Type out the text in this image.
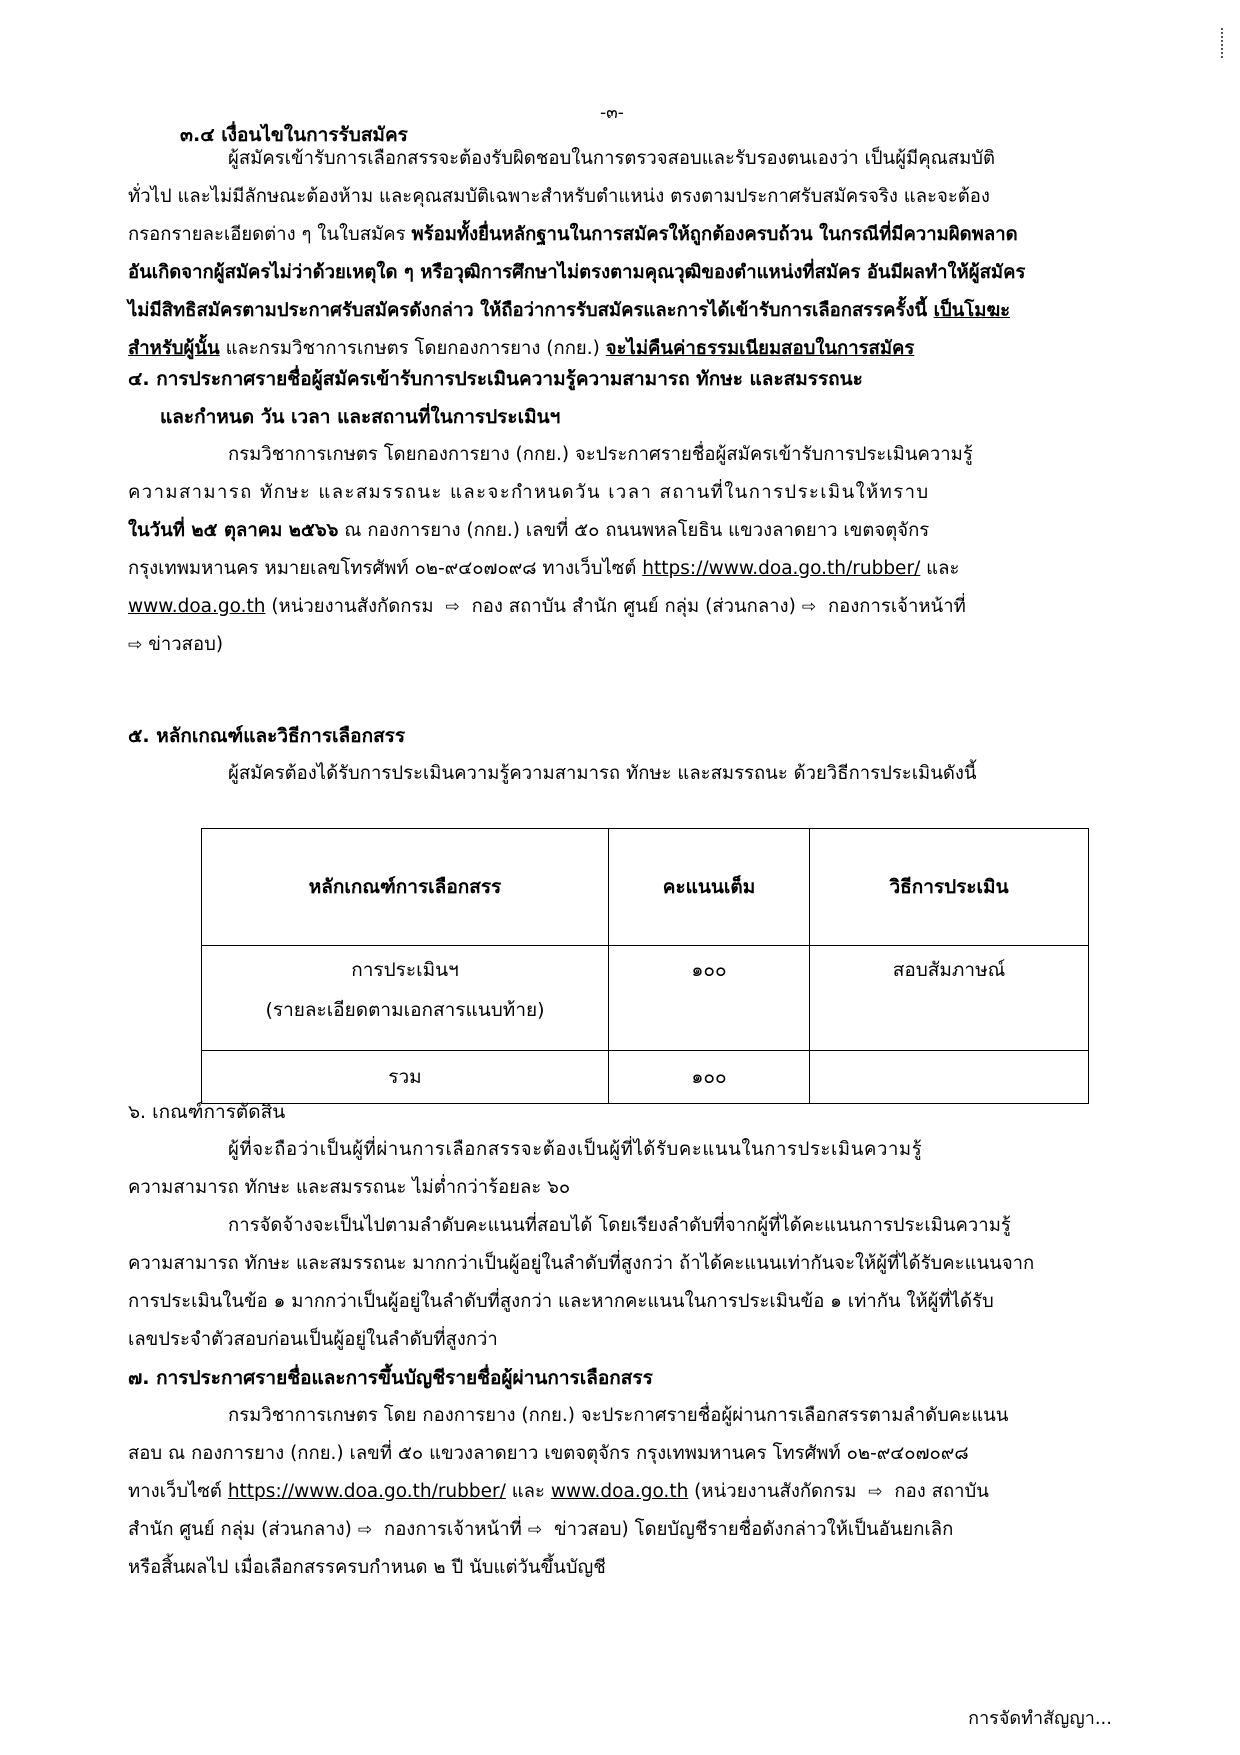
-๓-
๓.๔ เงื่อนไขในการรับสมัคร
ผู้สมัครเข้ารับการเลือกสรรจะต้องรับผิดชอบในการตรวจสอบและรับรองตนเองว่า เป็นผู้มีคุณสมบัติ
ทั่วไป และไม่มีลักษณะต้องห้าม และคุณสมบัติเฉพาะสำหรับตำแหน่ง ตรงตามประกาศรับสมัครจริง และจะต้อง
กรอกรายละเอียดต่าง ๆ ในใบสมัคร พร้อมทั้งยื่นหลักฐานในการสมัครให้ถูกต้องครบถ้วน ในกรณีที่มีความผิดพลาด
อันเกิดจากผู้สมัครไม่ว่าด้วยเหตุใด ๆ หรือวุฒิการศึกษาไม่ตรงตามคุณวุฒิของตำแหน่งที่สมัคร อันมีผลทำให้ผู้สมัคร
ไม่มีสิทธิสมัครตามประกาศรับสมัครดังกล่าว ให้ถือว่าการรับสมัครและการได้เข้ารับการเลือกสรรครั้งนี้ เป็นโมฆะ
สำหรับผู้นั้น และกรมวิชาการเกษตร โดยกองการยาง (กกย.) จะไม่คืนค่าธรรมเนียมสอบในการสมัคร
๔. การประกาศรายชื่อผู้สมัครเข้ารับการประเมินความรู้ความสามารถ ทักษะ และสมรรถนะ
และกำหนด วัน เวลา และสถานที่ในการประเมินฯ
กรมวิชาการเกษตร โดยกองการยาง (กกย.) จะประกาศรายชื่อผู้สมัครเข้ารับการประเมินความรู้
ความสามารถ ทักษะ และสมรรถนะ และจะกำหนดวัน เวลา สถานที่ในการประเมินให้ทราบ
ในวันที่ ๒๕ ตุลาคม ๒๕๖๖ ณ กองการยาง (กกย.) เลขที่ ๕๐ ถนนพหลโยธิน แขวงลาดยาว เขตจตุจักร
กรุงเทพมหานคร หมายเลขโทรศัพท์ ๐๒-๙๔๐๗๐๙๘ ทางเว็บไซต์ https://www.doa.go.th/rubber/ และ
www.doa.go.th (หน่วยงานสังกัดกรม ⇨ กอง สถาบัน สำนัก ศูนย์ กลุ่ม (ส่วนกลาง) ⇨ กองการเจ้าหน้าที่
⇨ ข่าวสอบ)
๕. หลักเกณฑ์และวิธีการเลือกสรร
ผู้สมัครต้องได้รับการประเมินความรู้ความสามารถ ทักษะ และสมรรถนะ ด้วยวิธีการประเมินดังนี้
หลักเกณฑ์การเลือกสรร	คะแนนเต็ม	วิธีการประเมิน

การประเมินฯ
(รายละเอียดตามเอกสารแนบท้าย)	๑๐๐	สอบสัมภาษณ์
รวม	๑๐๐	
๖. เกณฑ์การตัดสิน
ผู้ที่จะถือว่าเป็นผู้ที่ผ่านการเลือกสรรจะต้องเป็นผู้ที่ได้รับคะแนนในการประเมินความรู้
ความสามารถ ทักษะ และสมรรถนะ ไม่ต่ำกว่าร้อยละ ๖๐
การจัดจ้างจะเป็นไปตามลำดับคะแนนที่สอบได้ โดยเรียงลำดับที่จากผู้ที่ได้คะแนนการประเมินความรู้
ความสามารถ ทักษะ และสมรรถนะ มากกว่าเป็นผู้อยู่ในลำดับที่สูงกว่า ถ้าได้คะแนนเท่ากันจะให้ผู้ที่ได้รับคะแนนจาก
การประเมินในข้อ ๑ มากกว่าเป็นผู้อยู่ในลำดับที่สูงกว่า และหากคะแนนในการประเมินข้อ ๑ เท่ากัน ให้ผู้ที่ได้รับ
เลขประจำตัวสอบก่อนเป็นผู้อยู่ในลำดับที่สูงกว่า
๗. การประกาศรายชื่อและการขึ้นบัญชีรายชื่อผู้ผ่านการเลือกสรร
กรมวิชาการเกษตร โดย กองการยาง (กกย.) จะประกาศรายชื่อผู้ผ่านการเลือกสรรตามลำดับคะแนน
สอบ ณ กองการยาง (กกย.) เลขที่ ๕๐ แขวงลาดยาว เขตจตุจักร กรุงเทพมหานคร โทรศัพท์ ๐๒-๙๔๐๗๐๙๘
ทางเว็บไซต์ https://www.doa.go.th/rubber/ และ www.doa.go.th (หน่วยงานสังกัดกรม ⇨ กอง สถาบัน
สำนัก ศูนย์ กลุ่ม (ส่วนกลาง) ⇨ กองการเจ้าหน้าที่ ⇨ ข่าวสอบ) โดยบัญชีรายชื่อดังกล่าวให้เป็นอันยกเลิก
หรือสิ้นผลไป เมื่อเลือกสรรครบกำหนด ๒ ปี นับแต่วันขึ้นบัญชี
การจัดทำสัญญา...
